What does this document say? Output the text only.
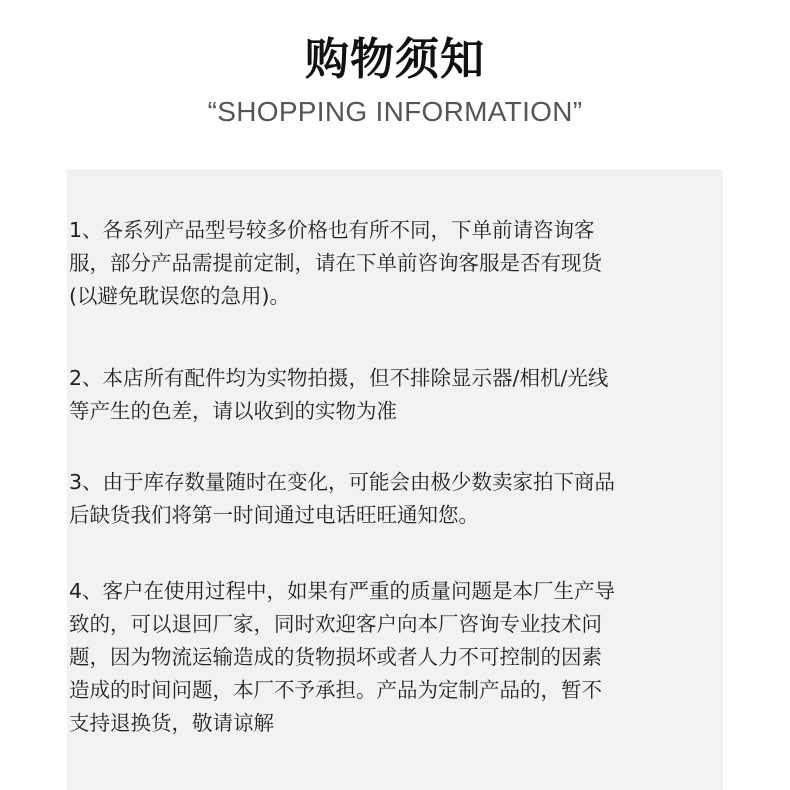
购物须知
“SHOPPING INFORMATION”

1、各系列产品型号较多价格也有所不同，下单前请咨询客
服，部分产品需提前定制，请在下单前咨询客服是否有现货
(以避免耽误您的急用)。

2、本店所有配件均为实物拍摄，但不排除显示器/相机/光线
等产生的色差，请以收到的实物为准

3、由于库存数量随时在变化，可能会由极少数卖家拍下商品
后缺货我们将第一时间通过电话旺旺通知您。

4、客户在使用过程中，如果有严重的质量问题是本厂生产导
致的，可以退回厂家，同时欢迎客户向本厂咨询专业技术问
题，因为物流运输造成的货物损坏或者人力不可控制的因素
造成的时间问题，本厂不予承担。产品为定制产品的，暂不
支持退换货，敬请谅解
